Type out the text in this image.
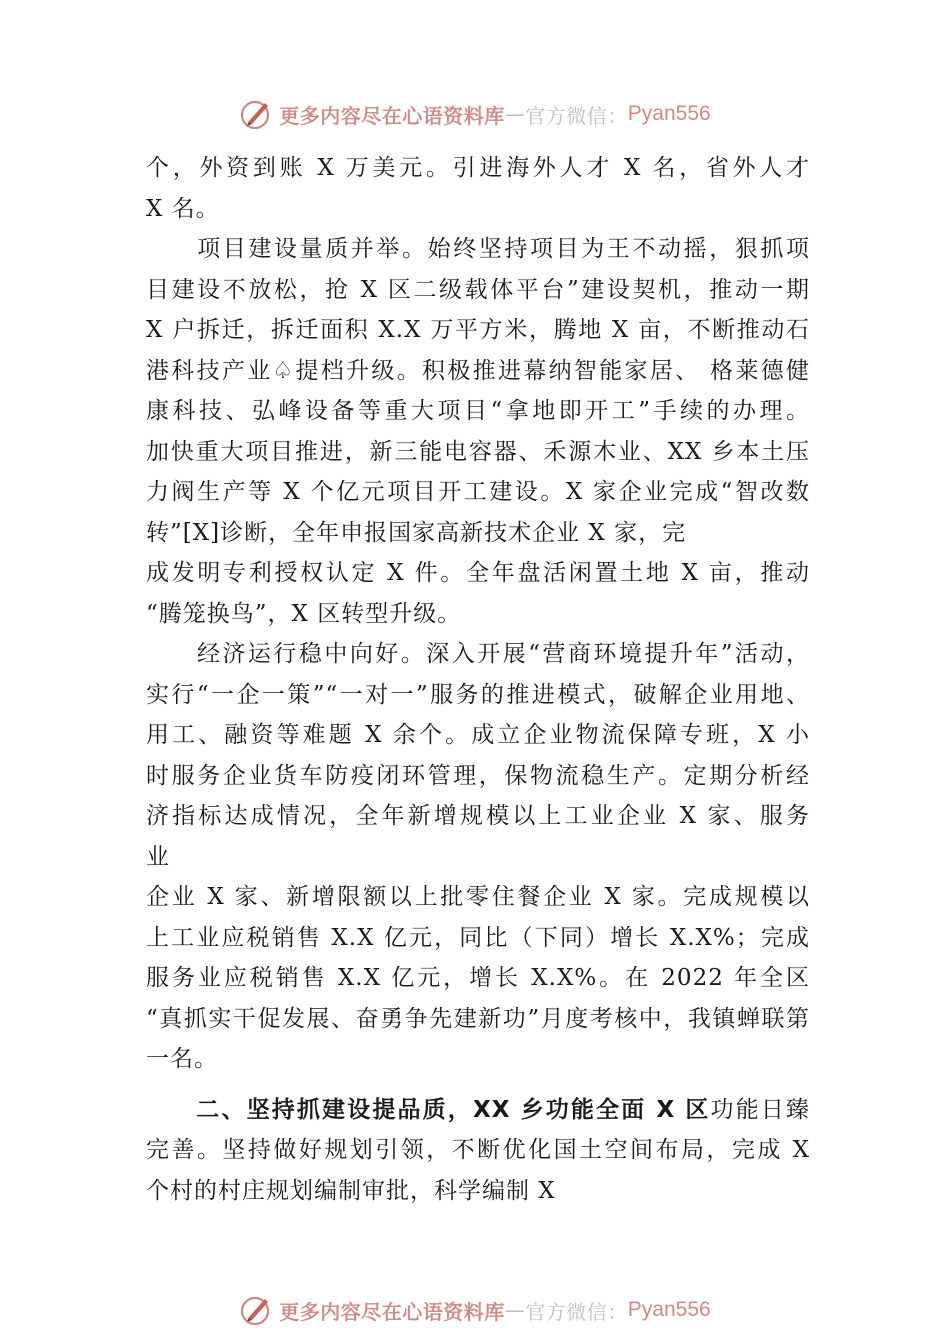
更多内容尽在心语资料库 — 官方微信： Pyan556
个，外资到账 X 万美元。引进海外人才 X 名，省外人才
X 名。
　　项目建设量质并举。始终坚持项目为王不动摇，狠抓项
目建设不放松，抢 X 区二级载体平台”建设契机，推动一期
X 户拆迁，拆迁面积 X.X 万平方米，腾地 X 亩，不断推动石
港科技产业♤提档升级。积极推进幕纳智能家居、 格莱德健
康科技、弘峰设备等重大项目“拿地即开工”手续的办理。
加快重大项目推进，新三能电容器、禾源木业、XX 乡本土压
力阀生产等 X 个亿元项目开工建设。X 家企业完成“智改数
转”[X]诊断，全年申报国家高新技术企业 X 家，完
成发明专利授权认定 X 件。全年盘活闲置土地 X 亩，推动
“腾笼换鸟”，X 区转型升级。
　　经济运行稳中向好。深入开展“营商环境提升年”活动，
实行“一企一策”“一对一”服务的推进模式，破解企业用地、
用工、融资等难题 X 余个。成立企业物流保障专班，X 小
时服务企业货车防疫闭环管理，保物流稳生产。定期分析经
济指标达成情况，全年新增规模以上工业企业 X 家、服务
业
企业 X 家、新增限额以上批零住餐企业 X 家。完成规模以
上工业应税销售 X.X 亿元，同比（下同）增长 X.X%；完成
服务业应税销售 X.X 亿元，增长 X.X%。在 2022 年全区
“真抓实干促发展、奋勇争先建新功”月度考核中，我镇蝉联第
一名。
　　二、坚持抓建设提品质，XX 乡功能全面 X 区功能日臻
完善。坚持做好规划引领，不断优化国土空间布局，完成 X
个村的村庄规划编制审批，科学编制 X
更多内容尽在心语资料库 — 官方微信： Pyan556
